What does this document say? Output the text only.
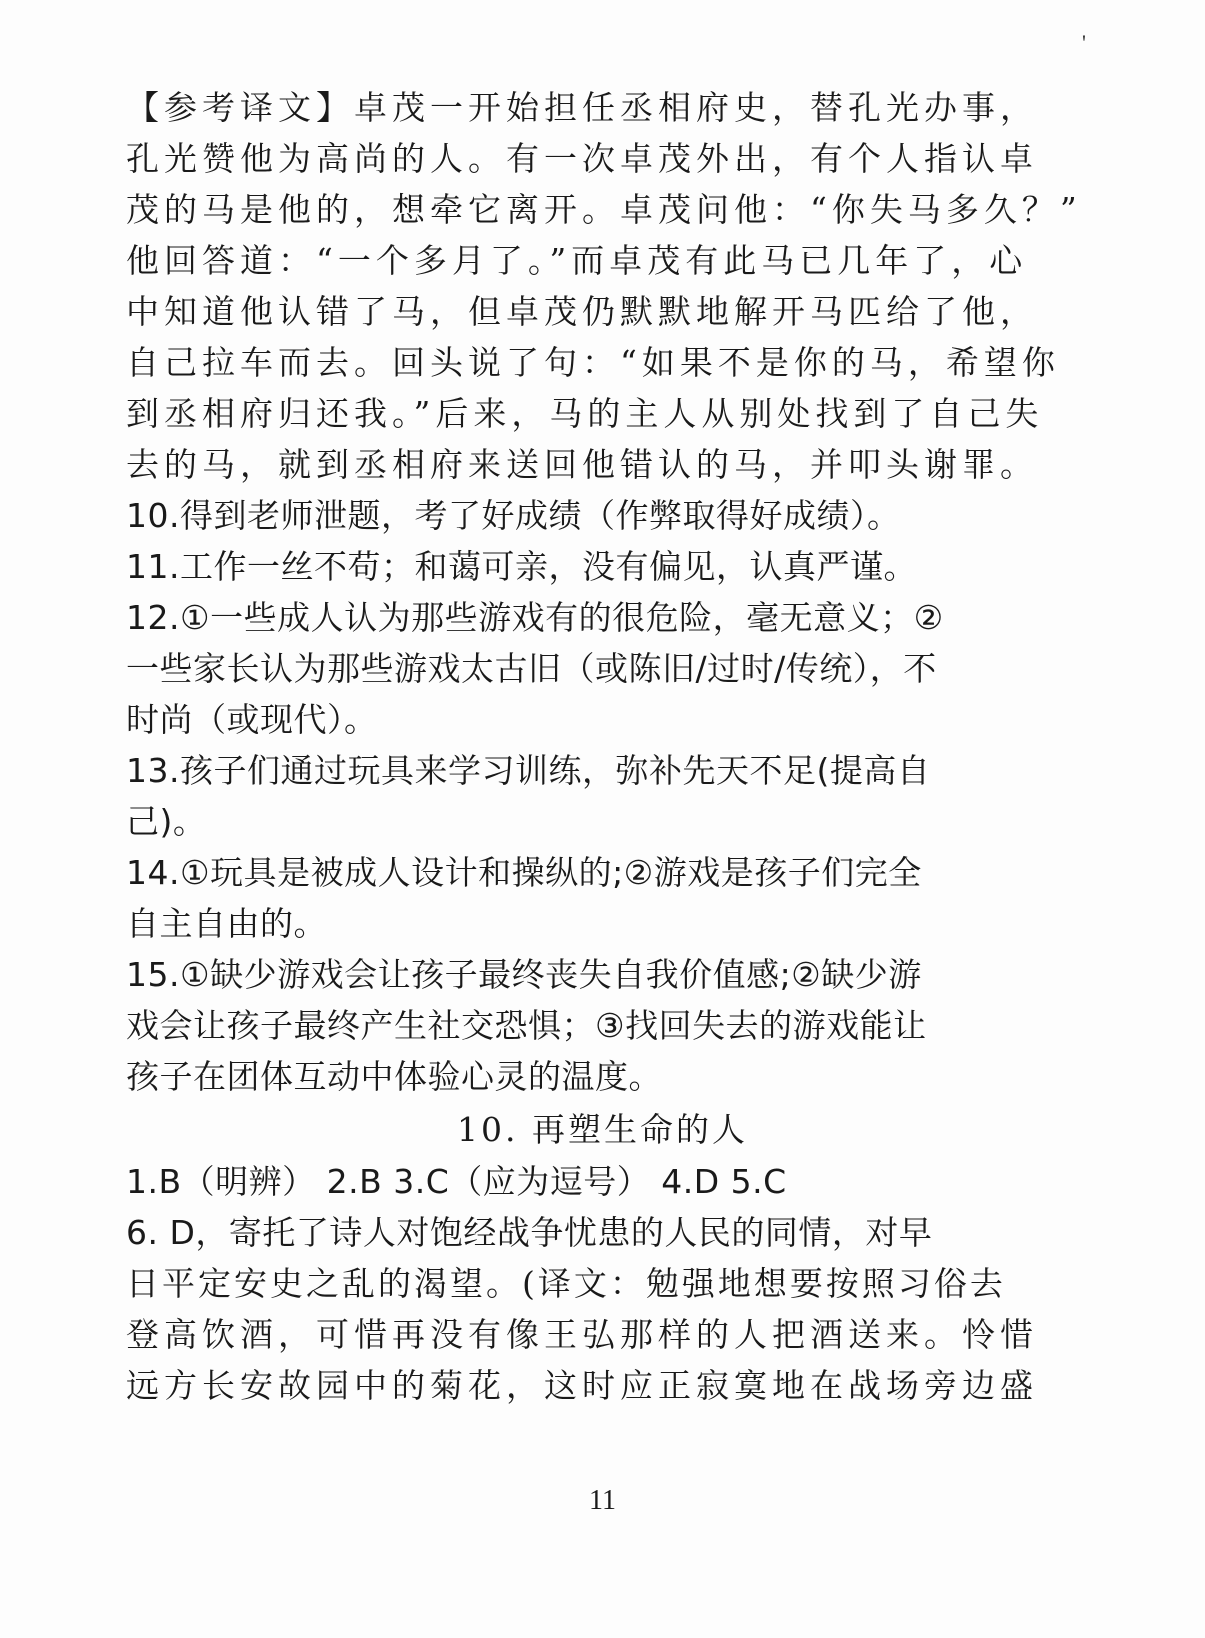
'
【参考译文】卓茂一开始担任丞相府史，替孔光办事，
孔光赞他为高尚的人。有一次卓茂外出，有个人指认卓
茂的马是他的，想牵它离开。卓茂问他：“你失马多久？”
他回答道：“一个多月了。”而卓茂有此马已几年了，心
中知道他认错了马，但卓茂仍默默地解开马匹给了他，
自己拉车而去。回头说了句：“如果不是你的马，希望你
到丞相府归还我。”后来，马的主人从别处找到了自己失
去的马，就到丞相府来送回他错认的马，并叩头谢罪。
10.得到老师泄题，考了好成绩（作弊取得好成绩）。
11.工作一丝不苟；和蔼可亲，没有偏见，认真严谨。
12.①一些成人认为那些游戏有的很危险，毫无意义；②
一些家长认为那些游戏太古旧（或陈旧/过时/传统），不
时尚（或现代）。
13.孩子们通过玩具来学习训练，弥补先天不足(提高自
己)。
14.①玩具是被成人设计和操纵的;②游戏是孩子们完全
自主自由的。
15.①缺少游戏会让孩子最终丧失自我价值感;②缺少游
戏会让孩子最终产生社交恐惧；③找回失去的游戏能让
孩子在团体互动中体验心灵的温度。
10. 再塑生命的人
1.B（明辨） 2.B 3.C（应为逗号） 4.D 5.C
6. D，寄托了诗人对饱经战争忧患的人民的同情，对早
日平定安史之乱的渴望。(译文：勉强地想要按照习俗去
登高饮酒，可惜再没有像王弘那样的人把酒送来。怜惜
远方长安故园中的菊花，这时应正寂寞地在战场旁边盛
11
